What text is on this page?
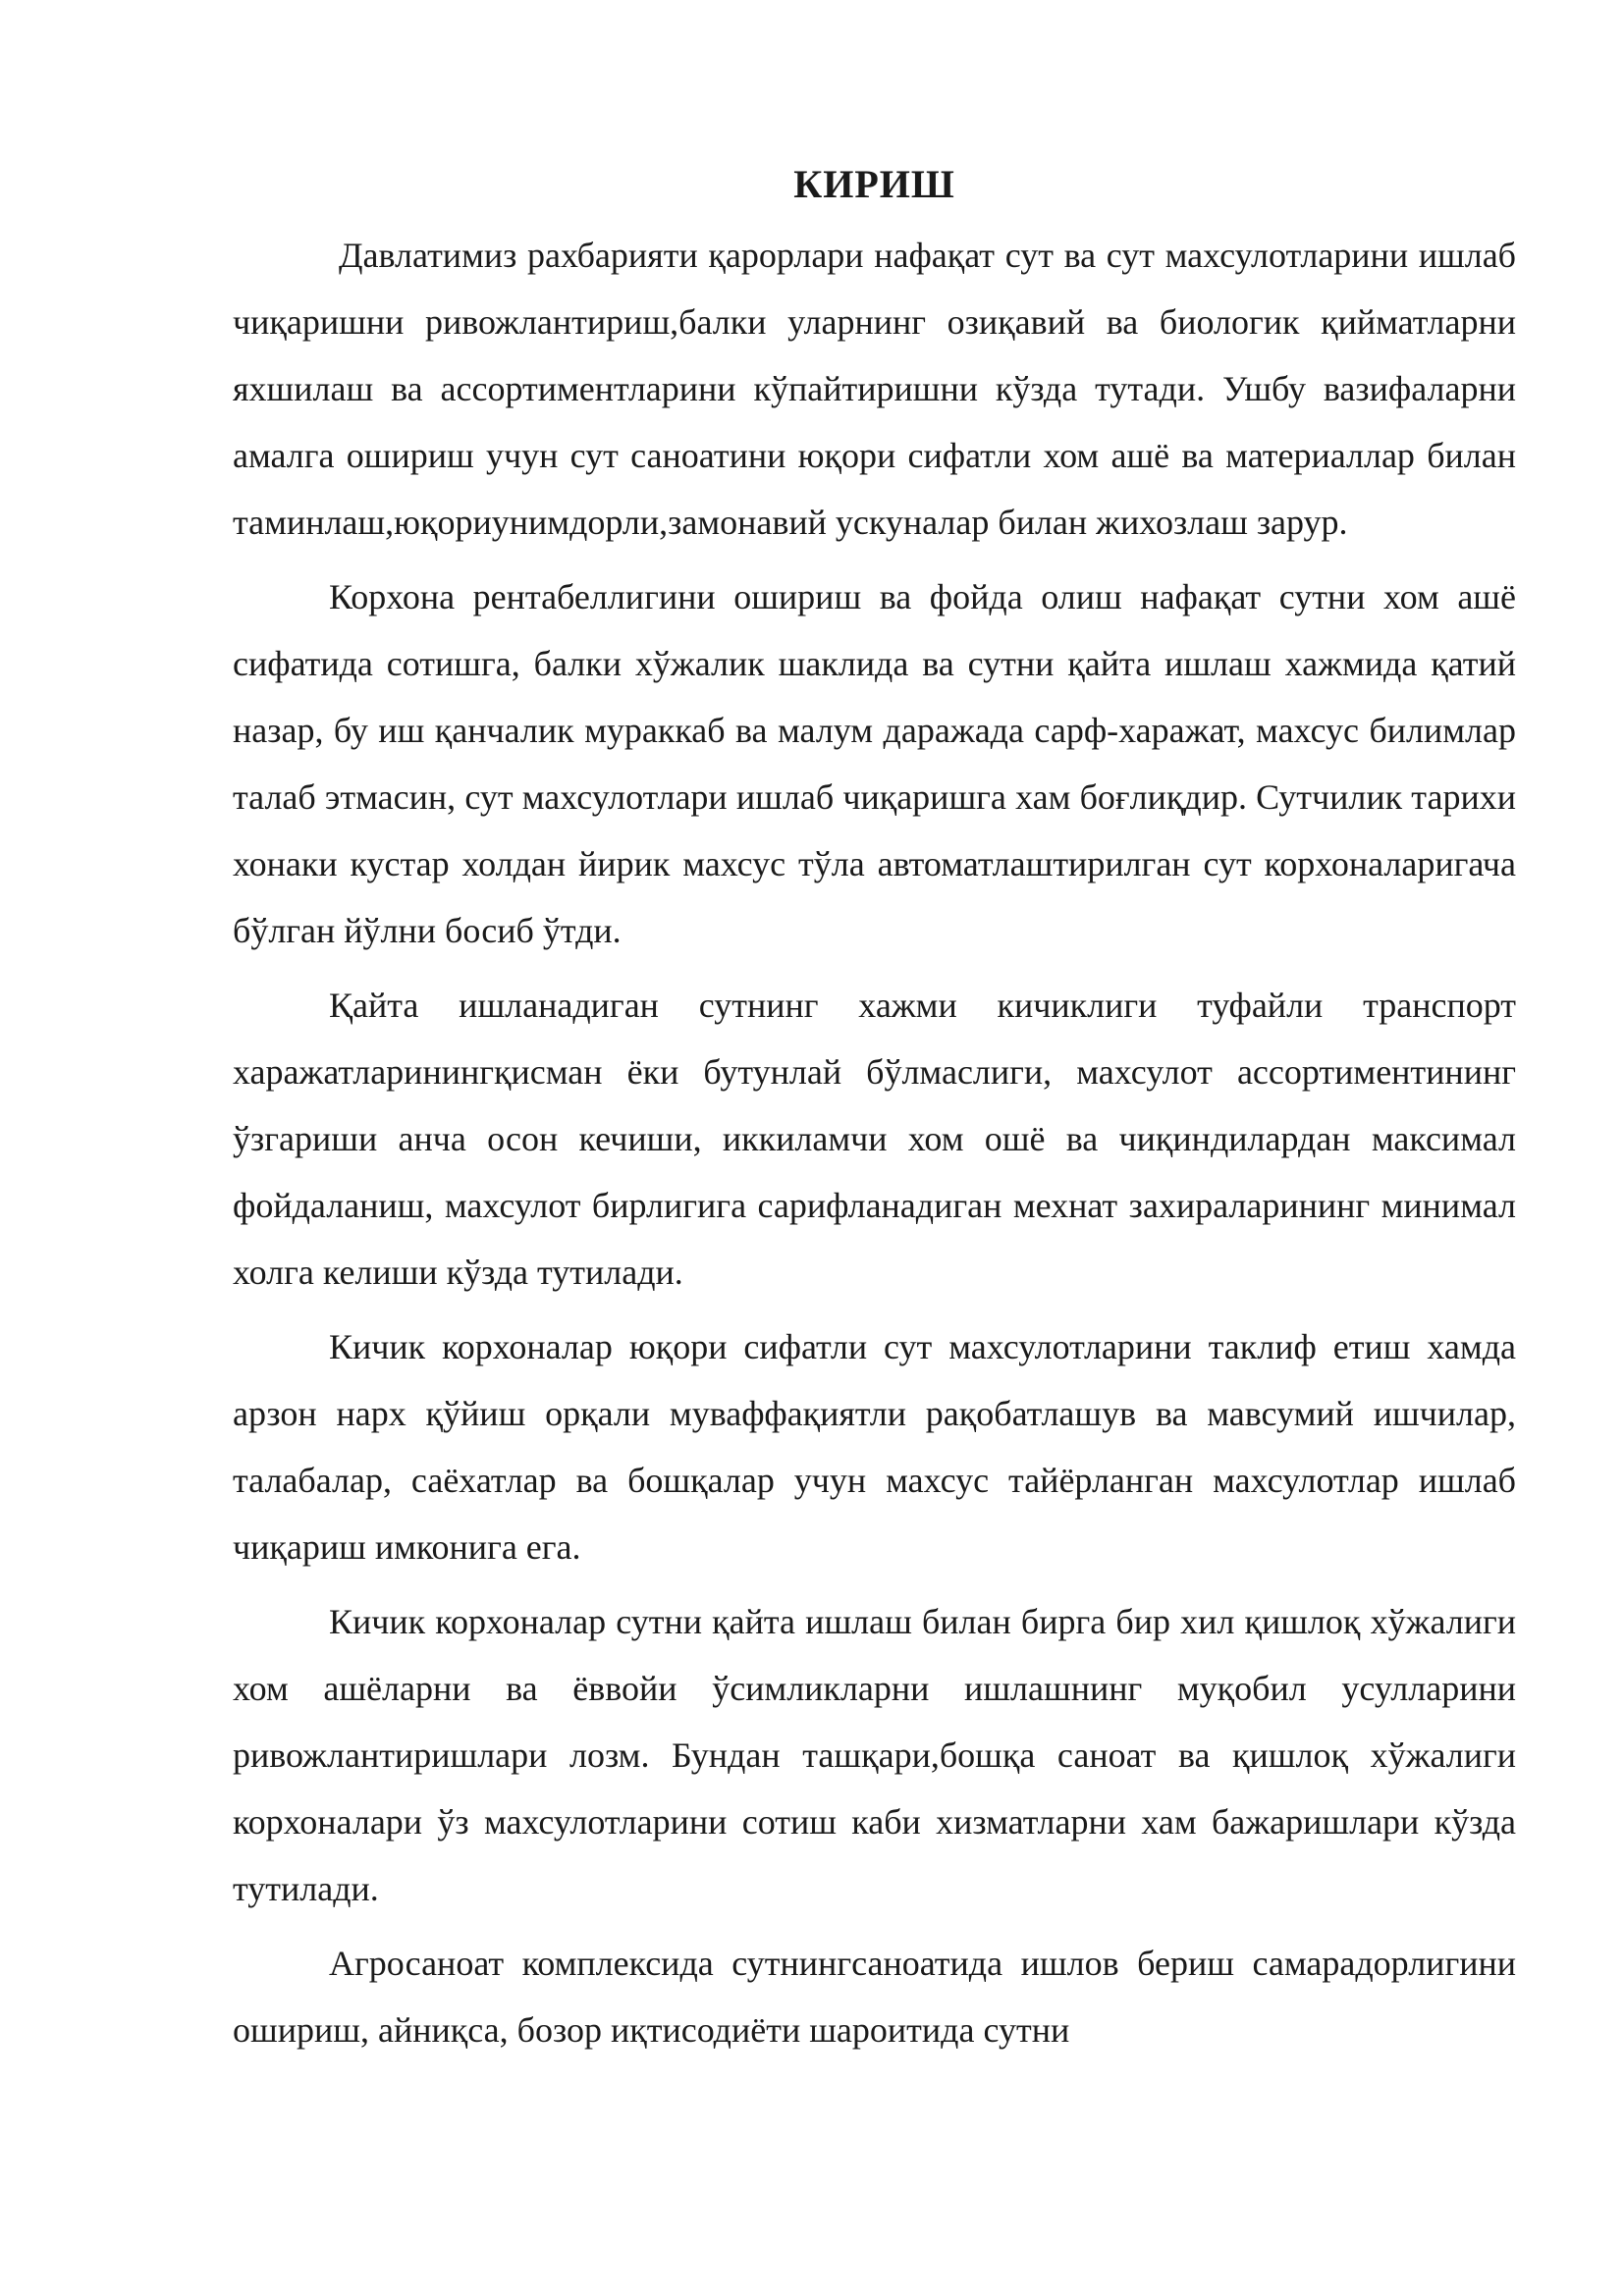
КИРИШ

Давлатимиз рахбарияти қарорлари нафақат сут ва сут махсулотларини ишлаб чиқаришни ривожлантириш,балки уларнинг озиқавий ва биологик қийматларни яхшилаш ва ассортиментларини кўпайтиришни кўзда тутади. Ушбу вазифаларни амалга ошириш учун сут саноатини юқори сифатли хом ашё ва материаллар билан таминлаш,юқориунимдорли,замонавий ускуналар билан жихозлаш зарур.

Корхона рентабеллигини ошириш ва фойда олиш нафақат сутни хом ашё сифатида сотишга, балки хўжалик шаклида ва сутни қайта ишлаш хажмида қатий назар, бу иш қанчалик мураккаб ва малум даражада сарф-харажат, махсус билимлар талаб этмасин, сут махсулотлари ишлаб чиқаришга хам боғлиқдир. Сутчилик тарихи хонаки кустар холдан йирик махсус тўла автоматлаштирилган сут корхоналаригача бўлган йўлни босиб ўтди.

Қайта ишланадиган сутнинг хажми кичиклиги туфайли транспорт харажатларинингқисман ёки бутунлай бўлмаслиги, махсулот ассортиментининг ўзгариши анча осон кечиши, иккиламчи хом ошё ва чиқиндилардан максимал фойдаланиш, махсулот бирлигига сарифланадиган мехнат захираларининг минимал холга келиши кўзда тутилади.

Кичик корхоналар юқори сифатли сут махсулотларини таклиф етиш хамда арзон нарх қўйиш орқали муваффақиятли рақобатлашув ва мавсумий ишчилар, талабалар, саёхатлар ва бошқалар учун махсус тайёрланган махсулотлар ишлаб чиқариш имконига ега.

Кичик корхоналар сутни қайта ишлаш билан бирга бир хил қишлоқ хўжалиги хом ашёларни ва ёввойи ўсимликларни ишлашнинг муқобил усулларини ривожлантиришлари лозм. Бундан ташқари,бошқа саноат ва қишлоқ хўжалиги корхоналари ўз махсулотларини сотиш каби хизматларни хам бажаришлари кўзда тутилади.

Агросаноат комплексида сутнингсаноатида ишлов бериш самарадорлигини ошириш, айниқса, бозор иқтисодиёти шароитида сутни
